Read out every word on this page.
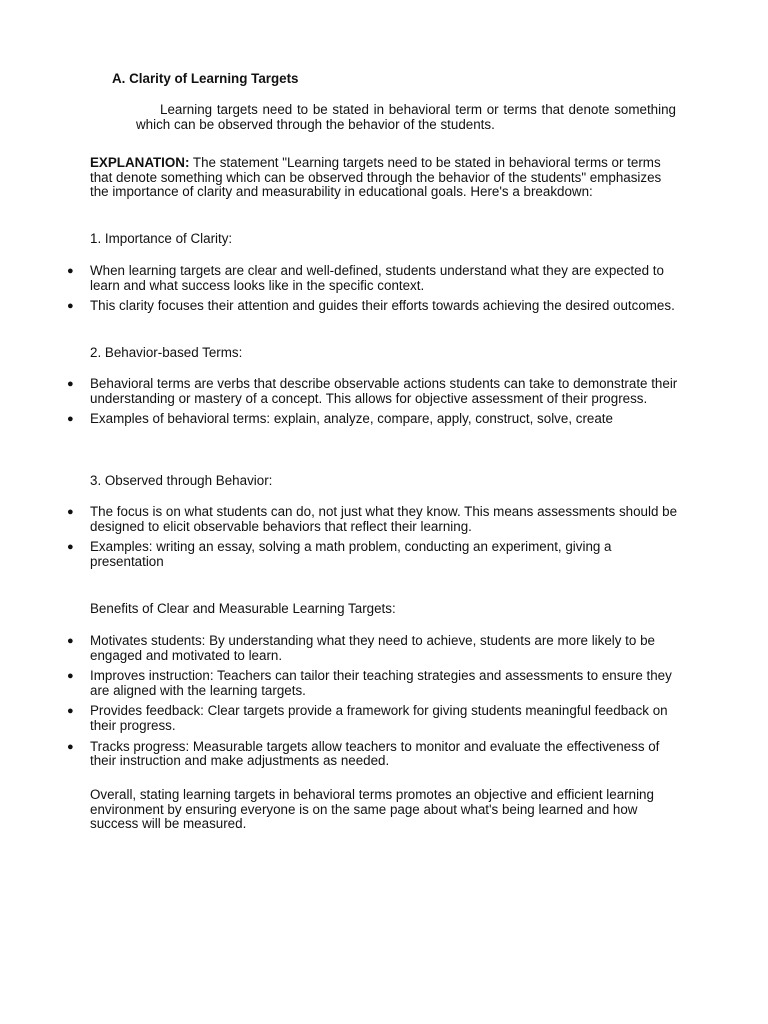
A. Clarity of Learning Targets
Learning targets need to be stated in behavioral term or terms that denote something which can be observed through the behavior of the students.
EXPLANATION: The statement "Learning targets need to be stated in behavioral terms or terms that denote something which can be observed through the behavior of the students" emphasizes the importance of clarity and measurability in educational goals. Here's a breakdown:
1. Importance of Clarity:
● When learning targets are clear and well-defined, students understand what they are expected to learn and what success looks like in the specific context.
● This clarity focuses their attention and guides their efforts towards achieving the desired outcomes.
2. Behavior-based Terms:
● Behavioral terms are verbs that describe observable actions students can take to demonstrate their understanding or mastery of a concept. This allows for objective assessment of their progress.
● Examples of behavioral terms: explain, analyze, compare, apply, construct, solve, create
3. Observed through Behavior:
● The focus is on what students can do, not just what they know. This means assessments should be designed to elicit observable behaviors that reflect their learning.
● Examples: writing an essay, solving a math problem, conducting an experiment, giving a presentation
Benefits of Clear and Measurable Learning Targets:
● Motivates students: By understanding what they need to achieve, students are more likely to be engaged and motivated to learn.
● Improves instruction: Teachers can tailor their teaching strategies and assessments to ensure they are aligned with the learning targets.
● Provides feedback: Clear targets provide a framework for giving students meaningful feedback on their progress.
● Tracks progress: Measurable targets allow teachers to monitor and evaluate the effectiveness of their instruction and make adjustments as needed.
Overall, stating learning targets in behavioral terms promotes an objective and efficient learning environment by ensuring everyone is on the same page about what's being learned and how success will be measured.
